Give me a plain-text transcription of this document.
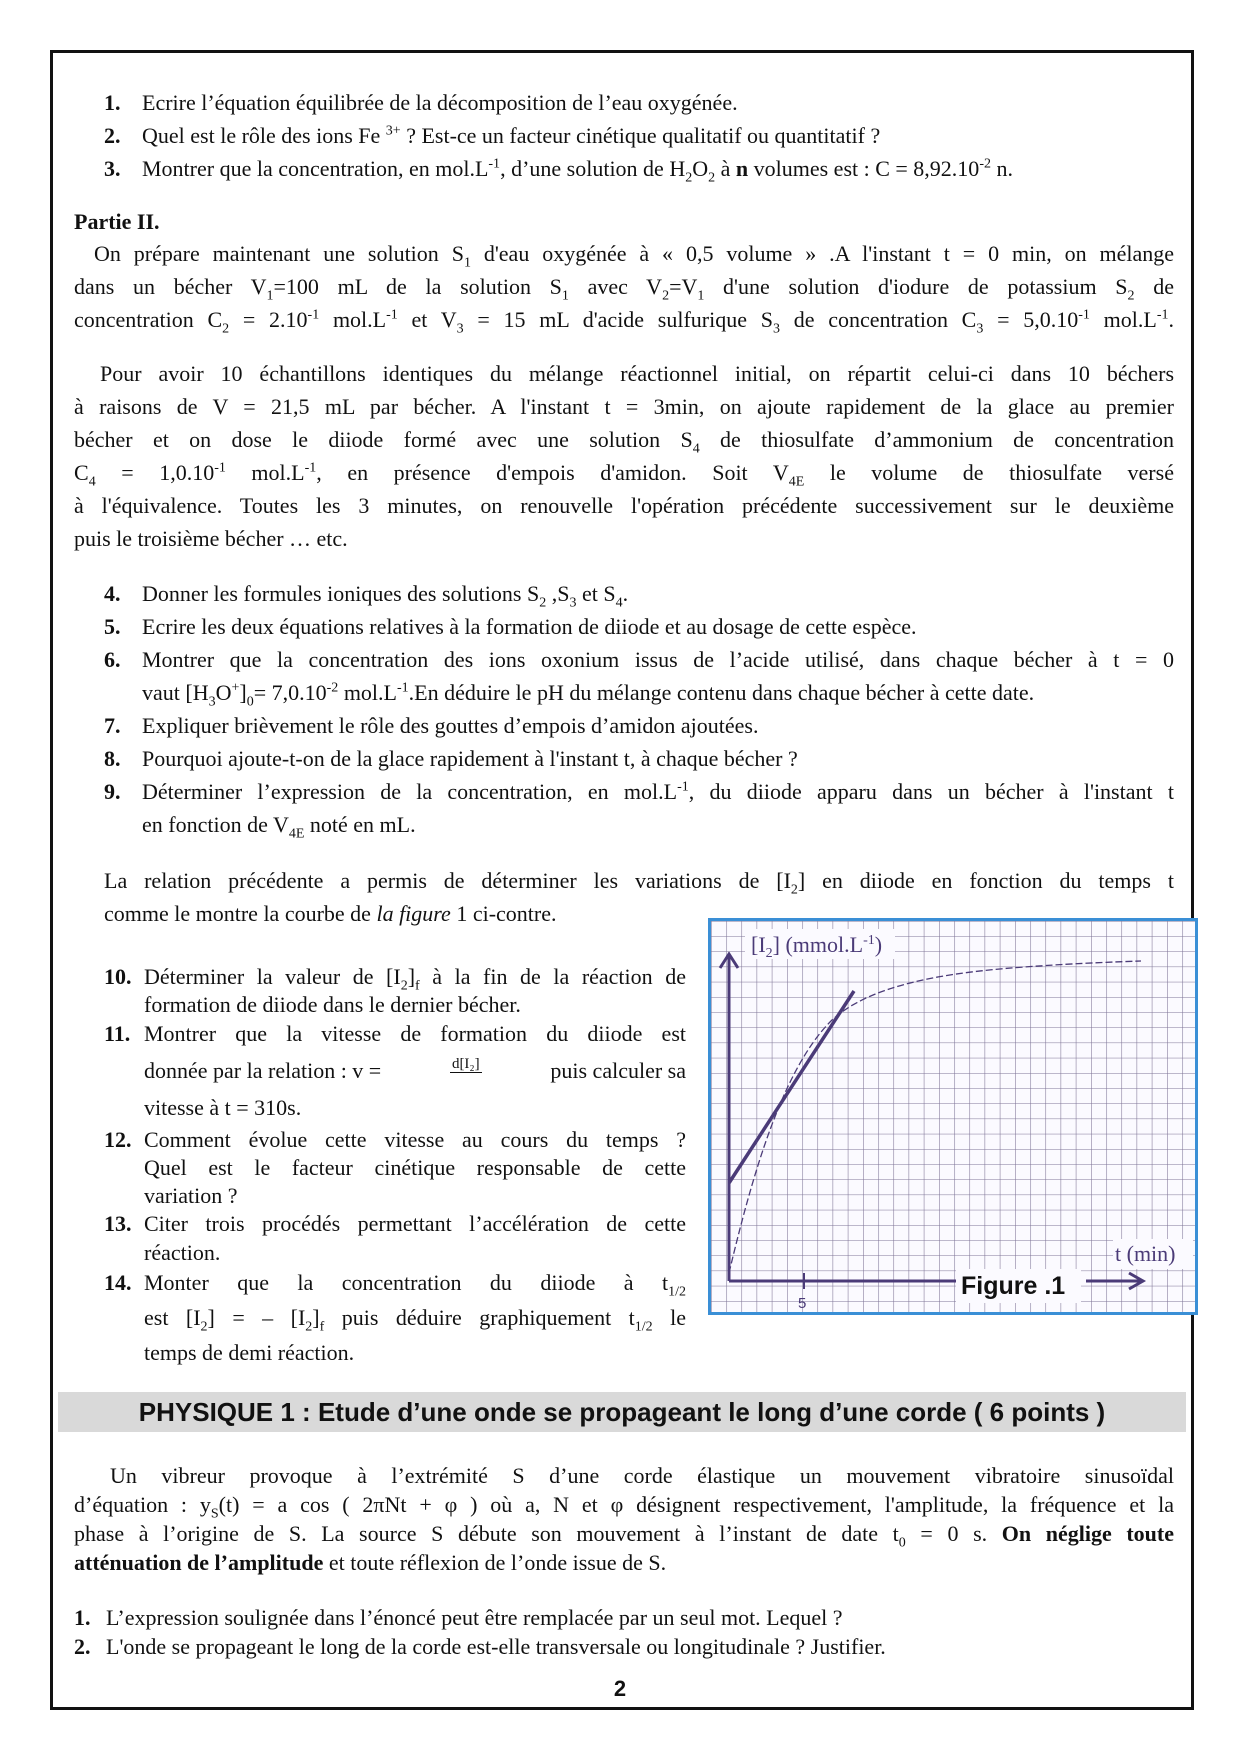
1. Ecrire l’équation équilibrée de la décomposition de l’eau oxygénée.
2. Quel est le rôle des ions Fe $^{3+}$ ? Est-ce un facteur cinétique qualitatif ou quantitatif ?
3. Montrer que la concentration, en $mol.L^{-1}$, d’une solution de $H_2O_2$ à n volumes est : $C = 8,92.10^{-2}$ n.
Partie II.
On prépare maintenant une solution $S_1$ d'eau oxygénée à « 0,5 volume » .A l'instant t = 0 min, on mélange
dans un bécher $V_1=100$ mL de la solution $S_1$ avec $V_2=V_1$ d'une solution d'iodure de potassium $S_2$ de
concentration $C_2 = 2.10^{-1}$ $mol.L^{-1}$ et $V_3 = 15$ mL d'acide sulfurique $S_3$ de concentration $C_3 = 5,0.10^{-1}$ $mol.L^{-1}$.
Pour avoir 10 échantillons identiques du mélange réactionnel initial, on répartit celui-ci dans 10 béchers
à raisons de V = 21,5 mL par bécher. A l'instant t = 3min, on ajoute rapidement de la glace au premier
bécher et on dose le diiode formé avec une solution $S_4$ de thiosulfate d’ammonium de concentration
$C_4 = 1,0.10^{-1}$ $mol.L^{-1}$, en présence d'empois d'amidon. Soit $V_{4E}$ le volume de thiosulfate versé
à l'équivalence. Toutes les 3 minutes, on renouvelle l'opération précédente successivement sur le deuxième
puis le troisième bécher … etc.
4. Donner les formules ioniques des solutions $S_2$ $,S_3$ et $S_4$.
5. Ecrire les deux équations relatives à la formation de diiode et au dosage de cette espèce.
6. Montrer que la concentration des ions oxonium issus de l’acide utilisé, dans chaque bécher à t = 0
vaut $[H_3O^+]_0= 7,0.10^{-2}$ $mol.L^{-1}.En$ déduire le pH du mélange contenu dans chaque bécher à cette date.
7. Expliquer brièvement le rôle des gouttes d’empois d’amidon ajoutées.
8. Pourquoi ajoute-t-on de la glace rapidement à l'instant t, à chaque bécher ?
9. Déterminer l’expression de la concentration, en $mol.L^{-1}$, du diiode apparu dans un bécher à l'instant t
en fonction de $V_{4E}$ noté en mL.
La relation précédente a permis de déterminer les variations de $[I_2]$ en diiode en fonction du temps t
comme le montre la courbe de la figure 1 ci-contre.
10. Déterminer la valeur de $[I_2]_f$ à la fin de la réaction de
formation de diiode dans le dernier bécher.
11. Montrer que la vitesse de formation du diiode est
donnée par la relation : v =	d[I₂]	puis calculer sa
vitesse à t = 310s.
12. Comment évolue cette vitesse au cours du temps ?
Quel est le facteur cinétique responsable de cette
variation ?
13. Citer trois procédés permettant l’accélération de cette
réaction.
14. Monter que la concentration du diiode à $t_{1/2}$
est $[I_2]$ = – $[I_2]_f$ puis déduire graphiquement $t_{1/2}$ le
temps de demi réaction.
$[I_2]$ $(mmol.L^{-1})$
t (min)
5
Figure .1
PHYSIQUE 1 : Etude d’une onde se propageant le long d’une corde ( 6 points )
Un vibreur provoque à l’extrémité S d’une corde élastique un mouvement vibratoire sinusoïdal
d’équation : $y_S(t) = a$ cos ( 2πNt + φ ) où a, N et φ désignent respectivement, l'amplitude, la fréquence et la
phase à l’origine de S. La source S débute son mouvement à l’instant de date $t_0 = 0$ s. On néglige toute
atténuation de l’amplitude et toute réflexion de l’onde issue de S.
1. L’expression soulignée dans l’énoncé peut être remplacée par un seul mot. Lequel ?
2. L'onde se propageant le long de la corde est-elle transversale ou longitudinale ? Justifier.
2
